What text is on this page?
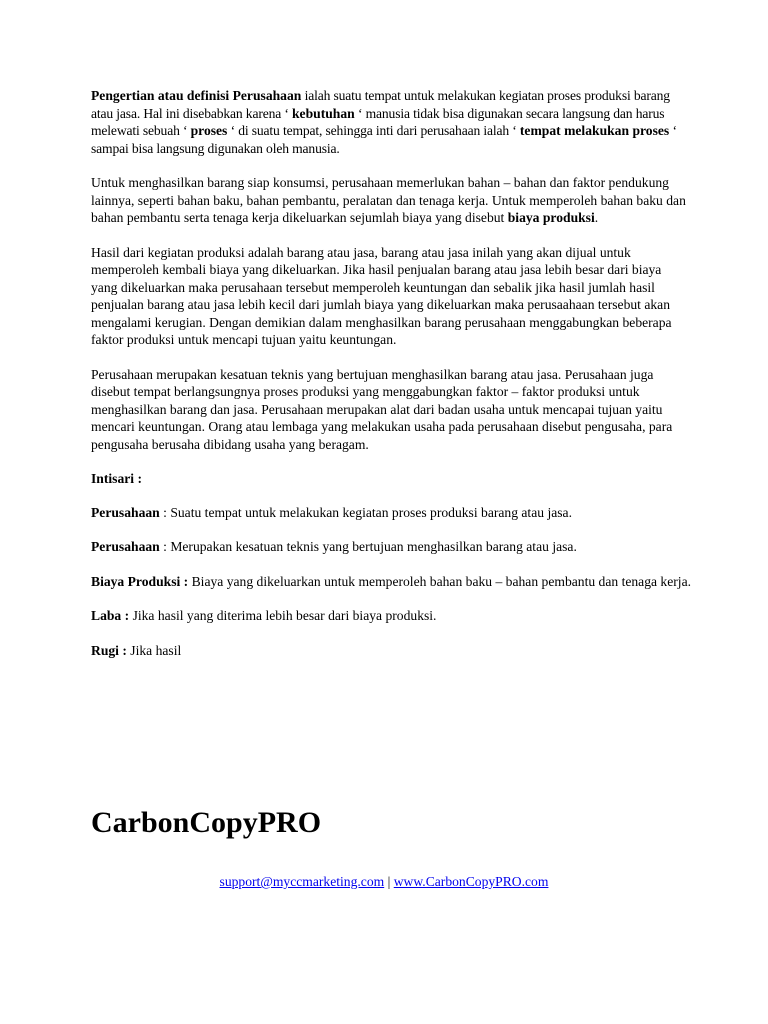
Pengertian atau definisi Perusahaan ialah suatu tempat untuk melakukan kegiatan proses produksi barang atau jasa. Hal ini disebabkan karena ‘ kebutuhan ‘ manusia tidak bisa digunakan secara langsung dan harus melewati sebuah ‘ proses ‘ di suatu tempat, sehingga inti dari perusahaan ialah ‘ tempat melakukan proses ‘ sampai bisa langsung digunakan oleh manusia.

Untuk menghasilkan barang siap konsumsi, perusahaan memerlukan bahan – bahan dan faktor pendukung lainnya, seperti bahan baku, bahan pembantu, peralatan dan tenaga kerja. Untuk memperoleh bahan baku dan bahan pembantu serta tenaga kerja dikeluarkan sejumlah biaya yang disebut biaya produksi.

Hasil dari kegiatan produksi adalah barang atau jasa, barang atau jasa inilah yang akan dijual untuk memperoleh kembali biaya yang dikeluarkan. Jika hasil penjualan barang atau jasa lebih besar dari biaya yang dikeluarkan maka perusahaan tersebut memperoleh keuntungan dan sebalik jika hasil jumlah hasil penjualan barang atau jasa lebih kecil dari jumlah biaya yang dikeluarkan maka perusaahaan tersebut akan mengalami kerugian. Dengan demikian dalam menghasilkan barang perusahaan menggabungkan beberapa faktor produksi untuk mencapi tujuan yaitu keuntungan.

Perusahaan merupakan kesatuan teknis yang bertujuan menghasilkan barang atau jasa. Perusahaan juga disebut tempat berlangsungnya proses produksi yang menggabungkan faktor – faktor produksi untuk menghasilkan barang dan jasa. Perusahaan merupakan alat dari badan usaha untuk mencapai tujuan yaitu mencari keuntungan. Orang atau lembaga yang melakukan usaha pada perusahaan disebut pengusaha, para pengusaha berusaha dibidang usaha yang beragam.

Intisari :

Perusahaan : Suatu tempat untuk melakukan kegiatan proses produksi barang atau jasa.

Perusahaan : Merupakan kesatuan teknis yang bertujuan menghasilkan barang atau jasa.

Biaya Produksi : Biaya yang dikeluarkan untuk memperoleh bahan baku – bahan pembantu dan tenaga kerja.

Laba : Jika hasil yang diterima lebih besar dari biaya produksi.

Rugi : Jika hasil

CarbonCopyPRO
support@myccmarketing.com | www.CarbonCopyPRO.com
